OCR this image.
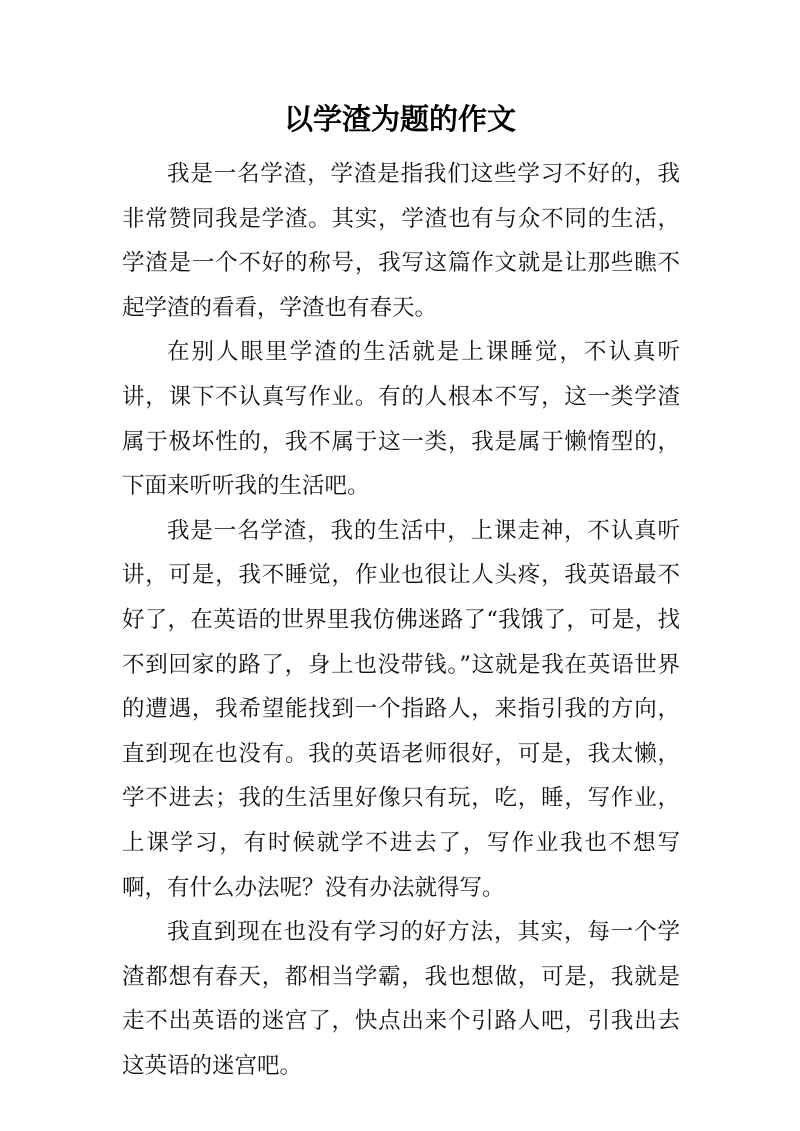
以学渣为题的作文

我是一名学渣，学渣是指我们这些学习不好的，我非常赞同我是学渣。其实，学渣也有与众不同的生活，学渣是一个不好的称号，我写这篇作文就是让那些瞧不起学渣的看看，学渣也有春天。

在别人眼里学渣的生活就是上课睡觉，不认真听讲，课下不认真写作业。有的人根本不写，这一类学渣属于极坏性的，我不属于这一类，我是属于懒惰型的，下面来听听我的生活吧。

我是一名学渣，我的生活中，上课走神，不认真听讲，可是，我不睡觉，作业也很让人头疼，我英语最不好了，在英语的世界里我仿佛迷路了“我饿了，可是，找不到回家的路了，身上也没带钱。”这就是我在英语世界的遭遇，我希望能找到一个指路人，来指引我的方向，直到现在也没有。我的英语老师很好，可是，我太懒，学不进去；我的生活里好像只有玩，吃，睡，写作业，上课学习，有时候就学不进去了，写作业我也不想写啊，有什么办法呢？没有办法就得写。

我直到现在也没有学习的好方法，其实，每一个学渣都想有春天，都相当学霸，我也想做，可是，我就是走不出英语的迷宫了，快点出来个引路人吧，引我出去这英语的迷宫吧。
